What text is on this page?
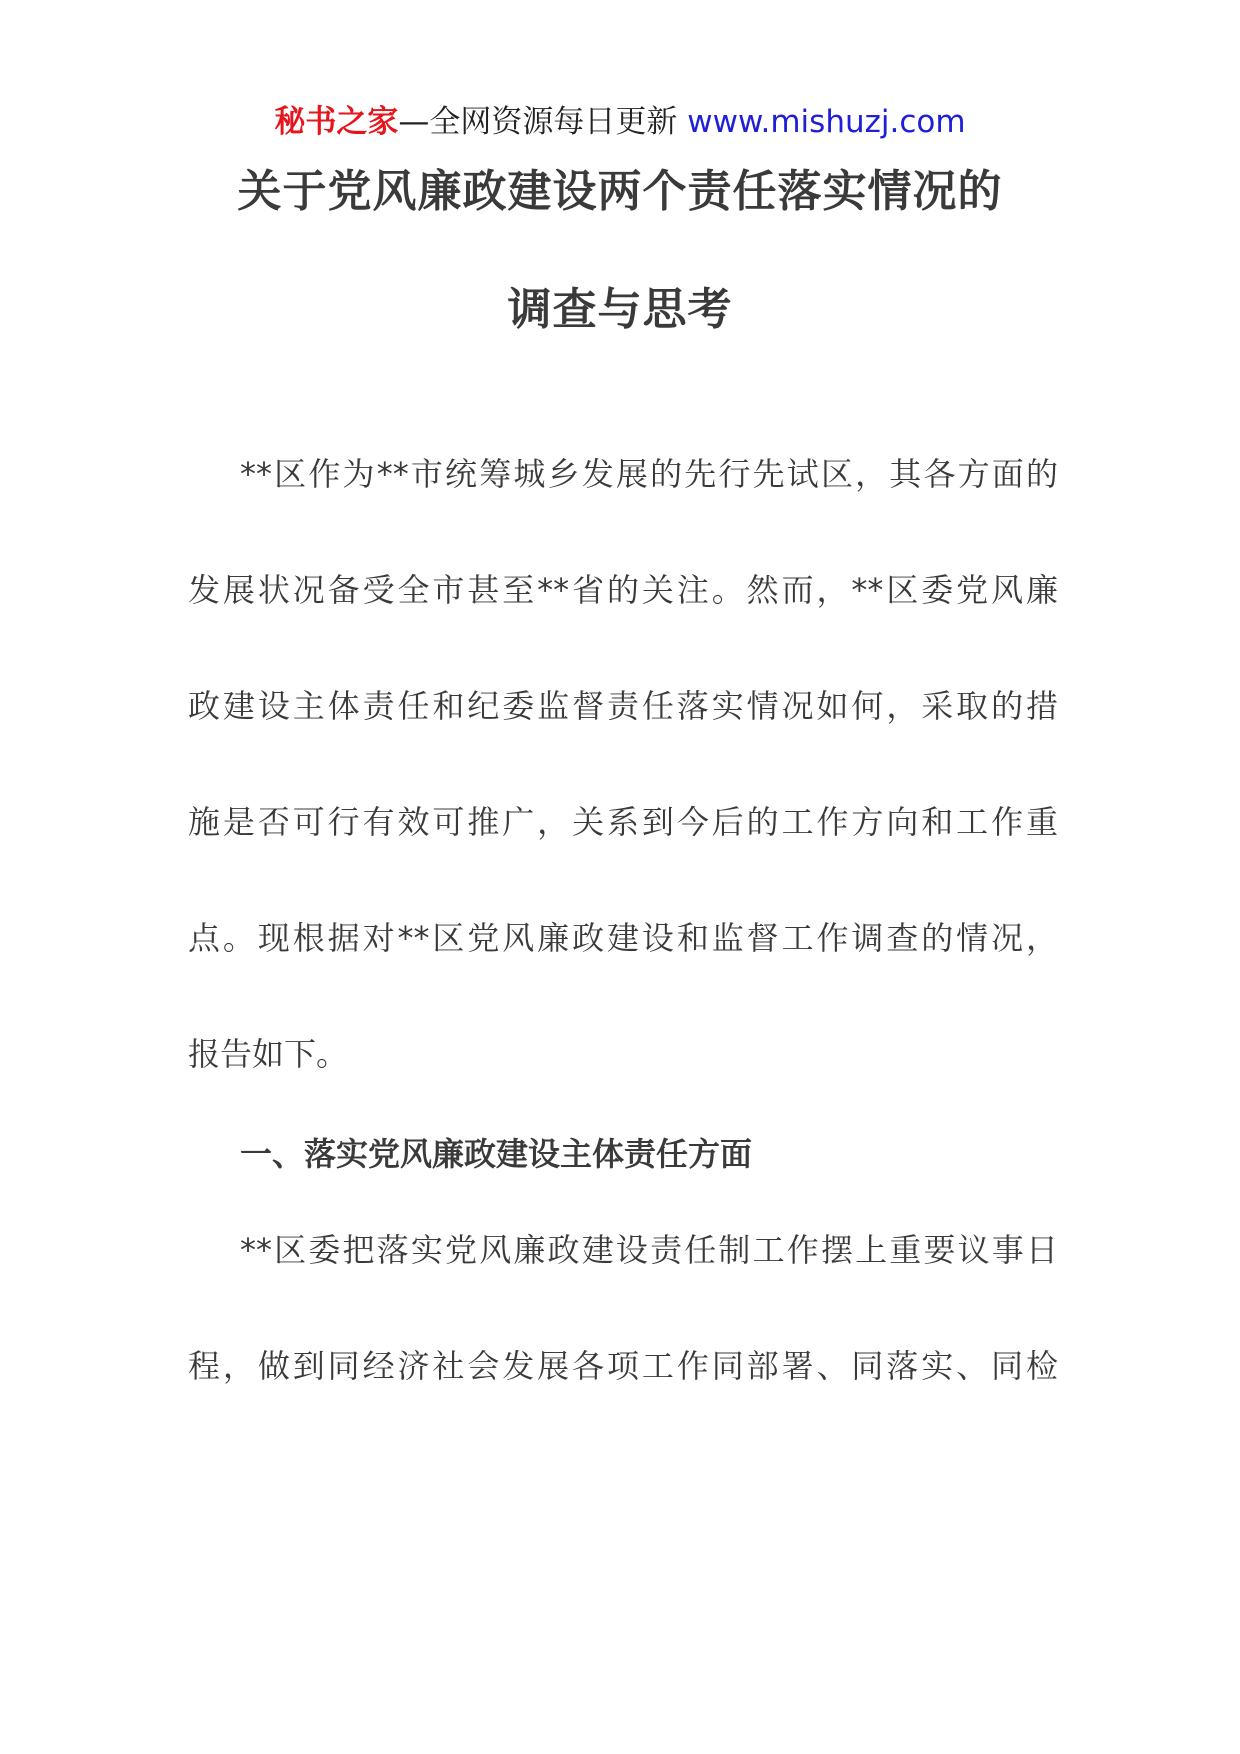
秘书之家—全网资源每日更新 www.mishuzj.com
关于党风廉政建设两个责任落实情况的
调查与思考
**区作为**市统筹城乡发展的先行先试区，其各方面的
发展状况备受全市甚至**省的关注。然而，**区委党风廉
政建设主体责任和纪委监督责任落实情况如何，采取的措
施是否可行有效可推广，关系到今后的工作方向和工作重
点。现根据对**区党风廉政建设和监督工作调查的情况，
报告如下。
一、落实党风廉政建设主体责任方面
**区委把落实党风廉政建设责任制工作摆上重要议事日
程，做到同经济社会发展各项工作同部署、同落实、同检
